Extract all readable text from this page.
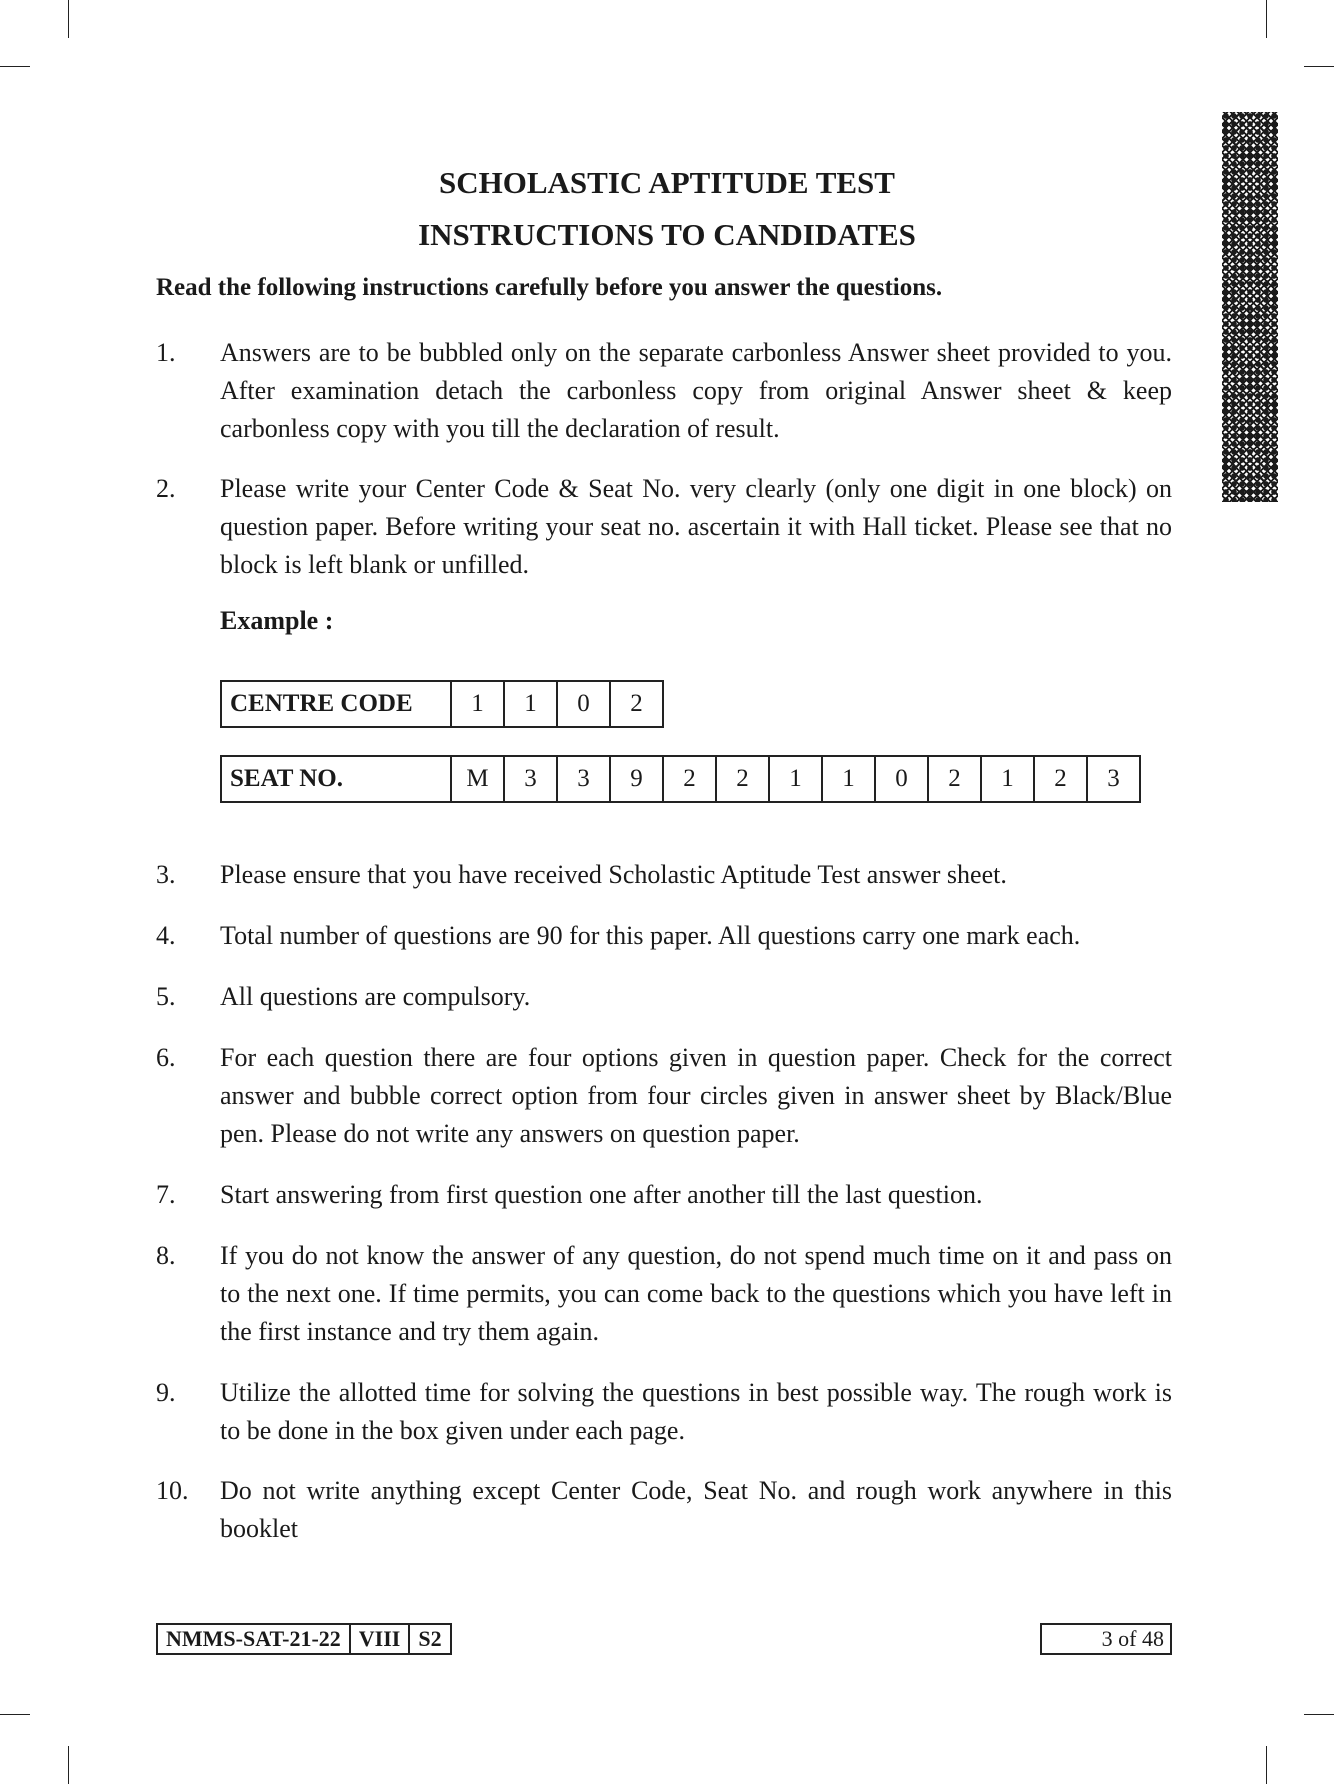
SCHOLASTIC APTITUDE TEST
INSTRUCTIONS TO CANDIDATES
Read the following instructions carefully before you answer the questions.
1. Answers are to be bubbled only on the separate carbonless Answer sheet provided to you. After examination detach the carbonless copy from original Answer sheet & keep carbonless copy with you till the declaration of result.
2. Please write your Center Code & Seat No. very clearly (only one digit in one block) on question paper. Before writing your seat no. ascertain it with Hall ticket. Please see that no block is left blank or unfilled.
Example :
CENTRE CODE	1	1	0	2
SEAT NO.	M	3	3	9	2	2	1	1	0	2	1	2	3
3. Please ensure that you have received Scholastic Aptitude Test answer sheet.
4. Total number of questions are 90 for this paper. All questions carry one mark each.
5. All questions are compulsory.
6. For each question there are four options given in question paper. Check for the correct answer and bubble correct option from four circles given in answer sheet by Black/Blue pen. Please do not write any answers on question paper.
7. Start answering from first question one after another till the last question.
8. If you do not know the answer of any question, do not spend much time on it and pass on to the next one. If time permits, you can come back to the questions which you have left in the first instance and try them again.
9. Utilize the allotted time for solving the questions in best possible way. The rough work is to be done in the box given under each page.
10. Do not write anything except Center Code, Seat No. and rough work anywhere in this booklet
NMMS-SAT-21-22 VIII S2	3 of 48
